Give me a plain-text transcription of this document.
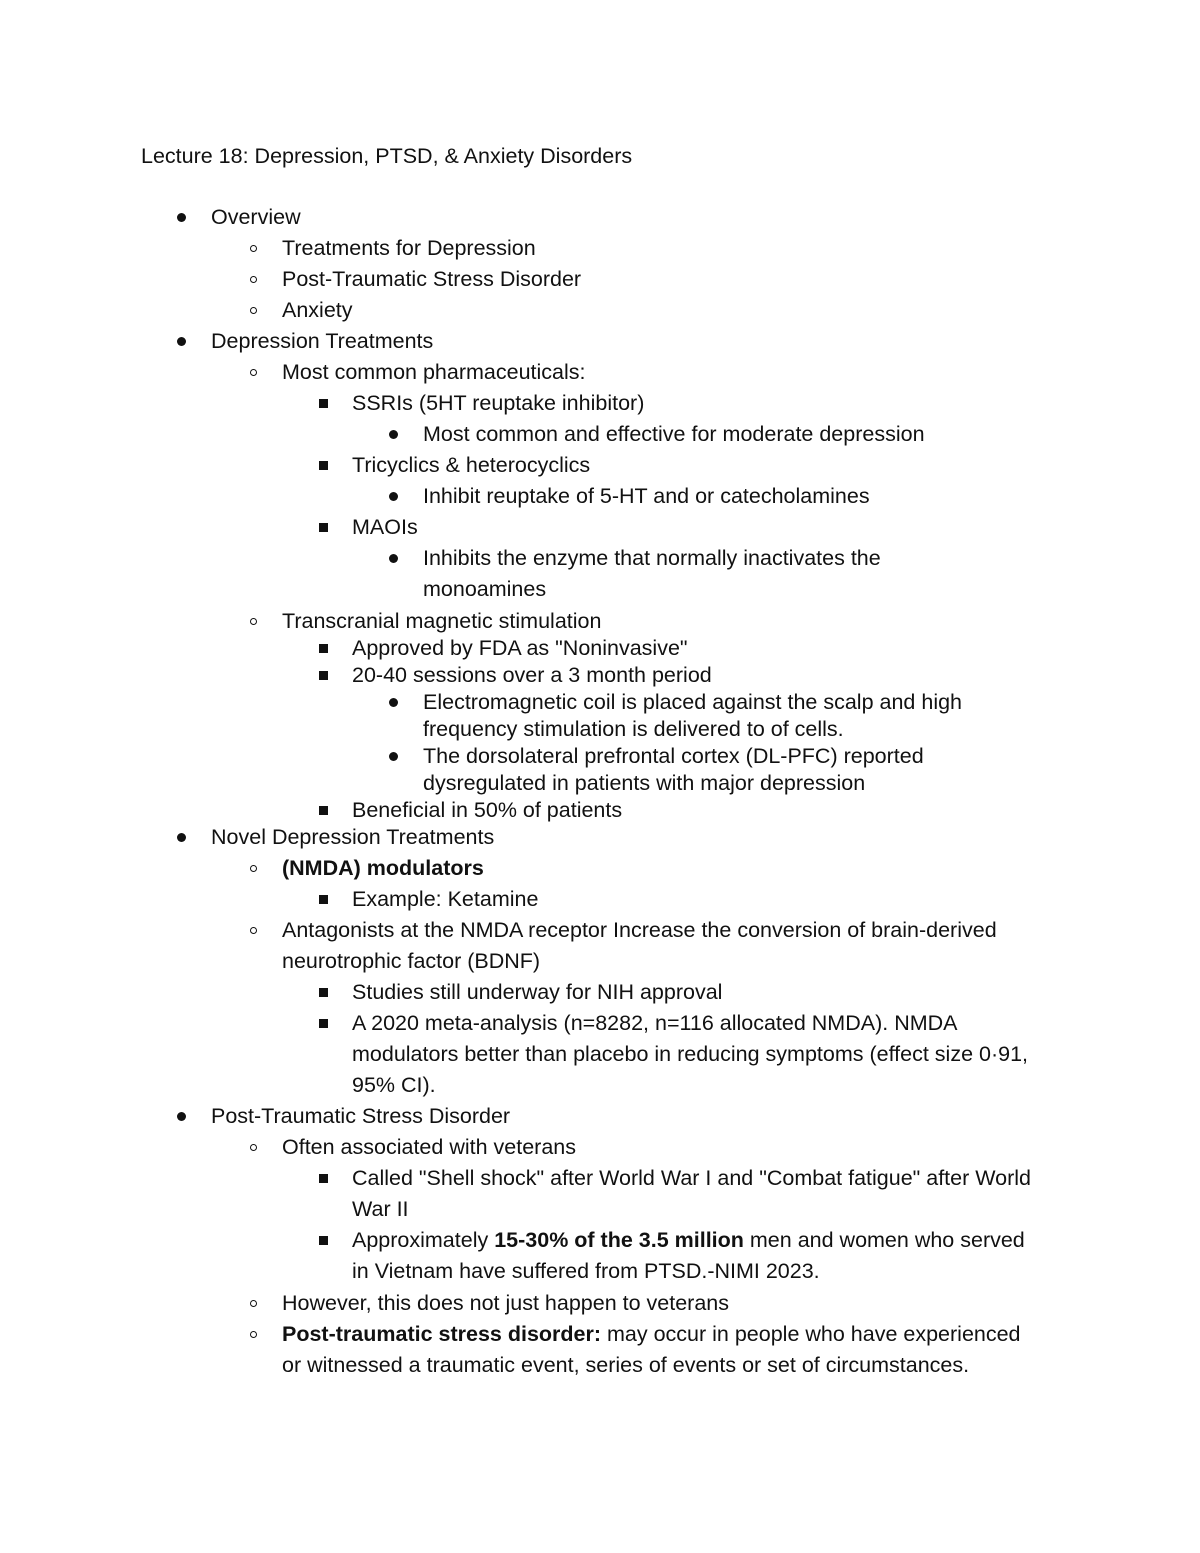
Lecture 18: Depression, PTSD, & Anxiety Disorders
Overview
Treatments for Depression
Post-Traumatic Stress Disorder
Anxiety
Depression Treatments
Most common pharmaceuticals:
SSRIs (5HT reuptake inhibitor)
Most common and effective for moderate depression
Tricyclics & heterocyclics
Inhibit reuptake of 5-HT and or catecholamines
MAOIs
Inhibits the enzyme that normally inactivates the monoamines
Transcranial magnetic stimulation
Approved by FDA as "Noninvasive"
20-40 sessions over a 3 month period
Electromagnetic coil is placed against the scalp and high frequency stimulation is delivered to of cells.
The dorsolateral prefrontal cortex (DL-PFC) reported dysregulated in patients with major depression
Beneficial in 50% of patients
Novel Depression Treatments
(NMDA) modulators
Example: Ketamine
Antagonists at the NMDA receptor Increase the conversion of brain-derived neurotrophic factor (BDNF)
Studies still underway for NIH approval
A 2020 meta-analysis (n=8282, n=116 allocated NMDA). NMDA modulators better than placebo in reducing symptoms (effect size 0·91, 95% CI).
Post-Traumatic Stress Disorder
Often associated with veterans
Called "Shell shock" after World War I and "Combat fatigue" after World War II
Approximately 15-30% of the 3.5 million men and women who served in Vietnam have suffered from PTSD.-NIMI 2023.
However, this does not just happen to veterans
Post-traumatic stress disorder: may occur in people who have experienced or witnessed a traumatic event, series of events or set of circumstances.
